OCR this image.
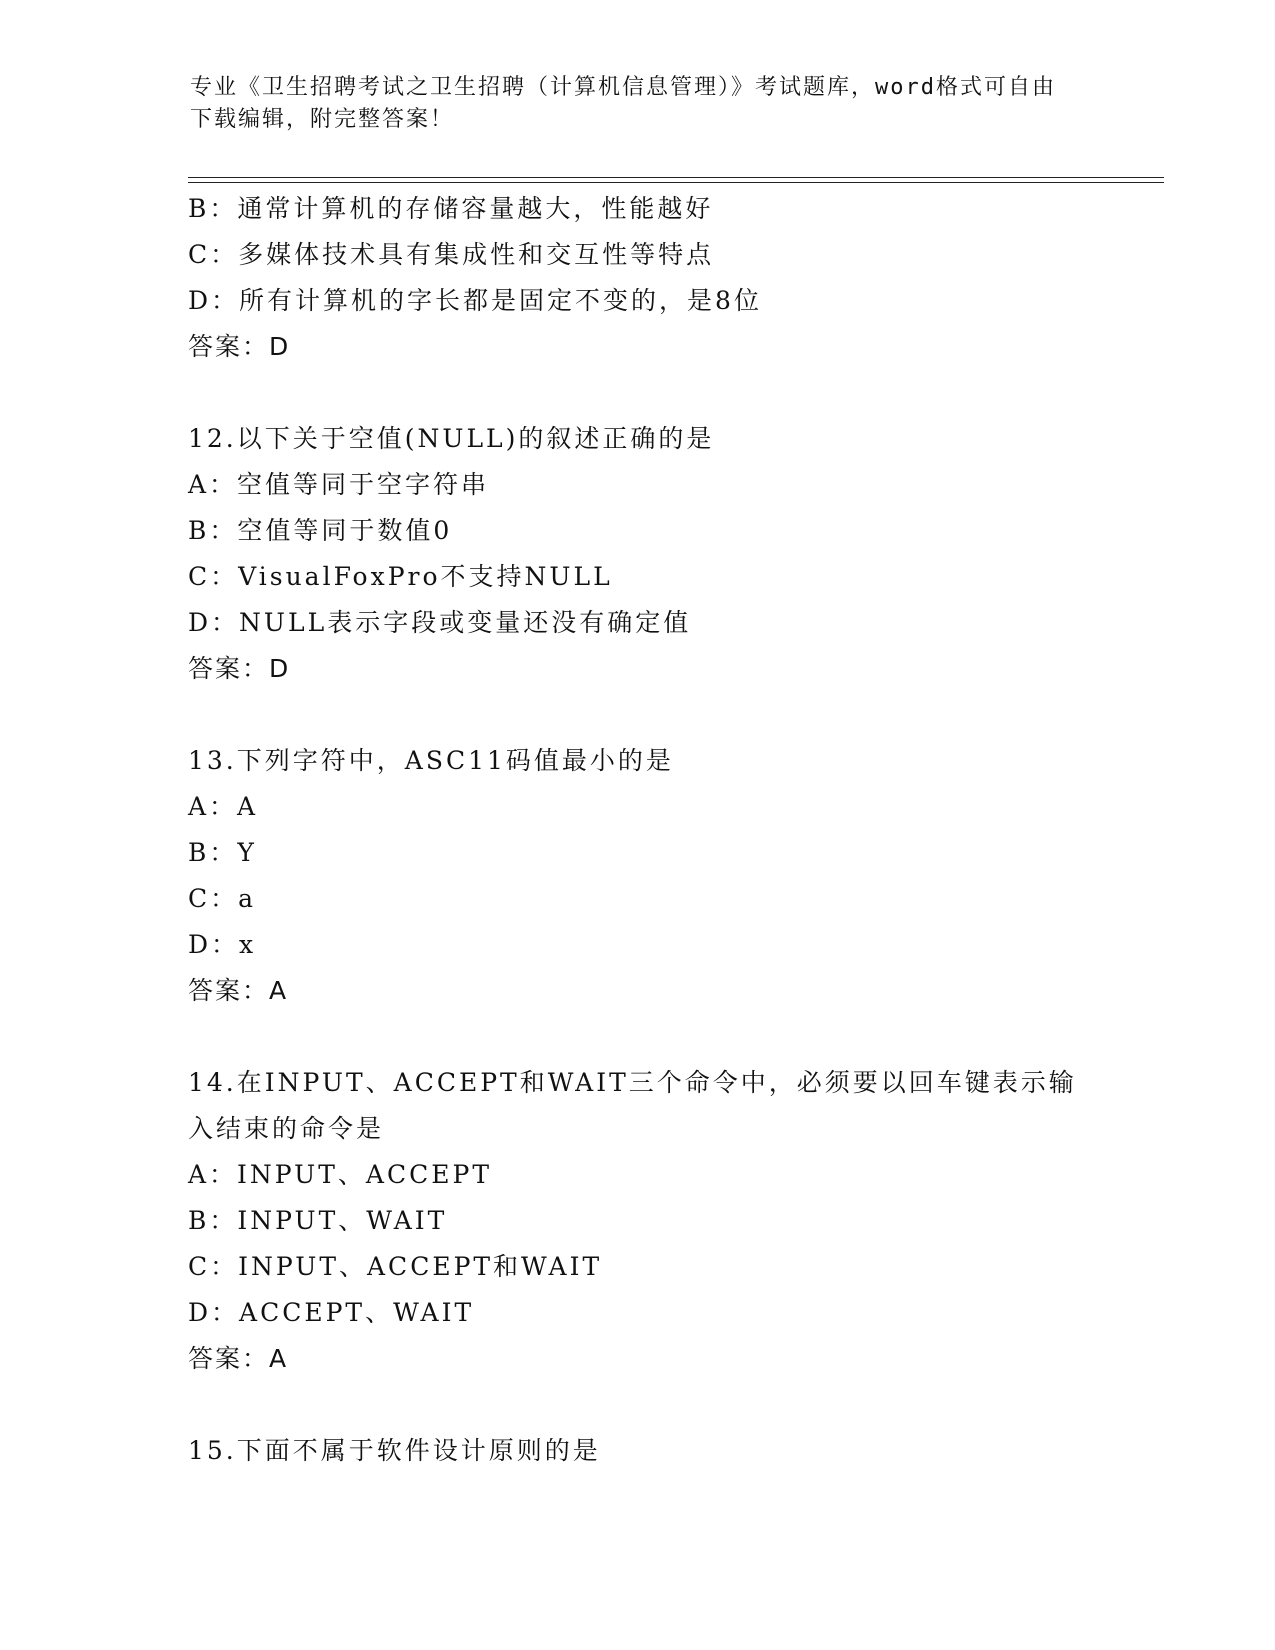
专业《卫生招聘考试之卫生招聘（计算机信息管理）》考试题库，word格式可自由下载编辑，附完整答案！
B：通常计算机的存储容量越大，性能越好
C：多媒体技术具有集成性和交互性等特点
D：所有计算机的字长都是固定不变的，是8位
答案：D
12.以下关于空值(NULL)的叙述正确的是
A：空值等同于空字符串
B：空值等同于数值0
C：VisualFoxPro不支持NULL
D：NULL表示字段或变量还没有确定值
答案：D
13.下列字符中，ASC11码值最小的是
A：A
B：Y
C：a
D：x
答案：A
14.在INPUT、ACCEPT和WAIT三个命令中，必须要以回车键表示输入结束的命令是
A：INPUT、ACCEPT
B：INPUT、WAIT
C：INPUT、ACCEPT和WAIT
D：ACCEPT、WAIT
答案：A
15.下面不属于软件设计原则的是
